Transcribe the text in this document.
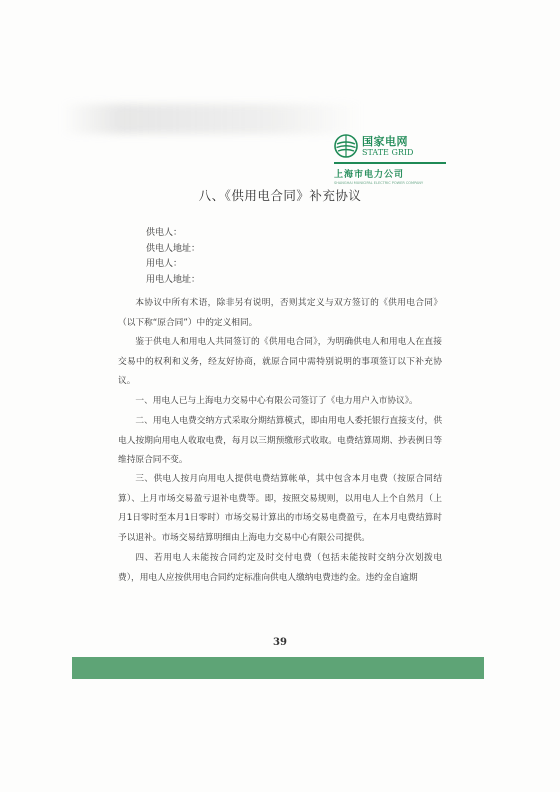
国家电网
STATE GRID
上海市电力公司
SHANGHAI MUNICIPAL ELECTRIC POWER COMPANY
八、《供用电合同》补充协议
供电人：
供电人地址：
用电人：
用电人地址：

本协议中所有术语，除非另有说明，否则其定义与双方签订的《供用电合同》（以下称“原合同”）中的定义相同。

鉴于供电人和用电人共同签订的《供用电合同》，为明确供电人和用电人在直接交易中的权利和义务，经友好协商，就原合同中需特别说明的事项签订以下补充协议。

一、用电人已与上海电力交易中心有限公司签订了《电力用户入市协议》。

二、用电人电费交纳方式采取分期结算模式，即由用电人委托银行直接支付，供电人按期向用电人收取电费，每月以三期预缴形式收取。电费结算周期、抄表例日等维持原合同不变。

三、供电人按月向用电人提供电费结算帐单，其中包含本月电费（按原合同结算）、上月市场交易盈亏退补电费等。即，按照交易规则，以用电人上个自然月（上月1日零时至本月1日零时）市场交易计算出的市场交易电费盈亏，在本月电费结算时予以退补。市场交易结算明细由上海电力交易中心有限公司提供。

四、若用电人未能按合同约定及时交付电费（包括未能按时交纳分次划拨电费），用电人应按供用电合同约定标准向供电人缴纳电费违约金。违约金自逾期

39
